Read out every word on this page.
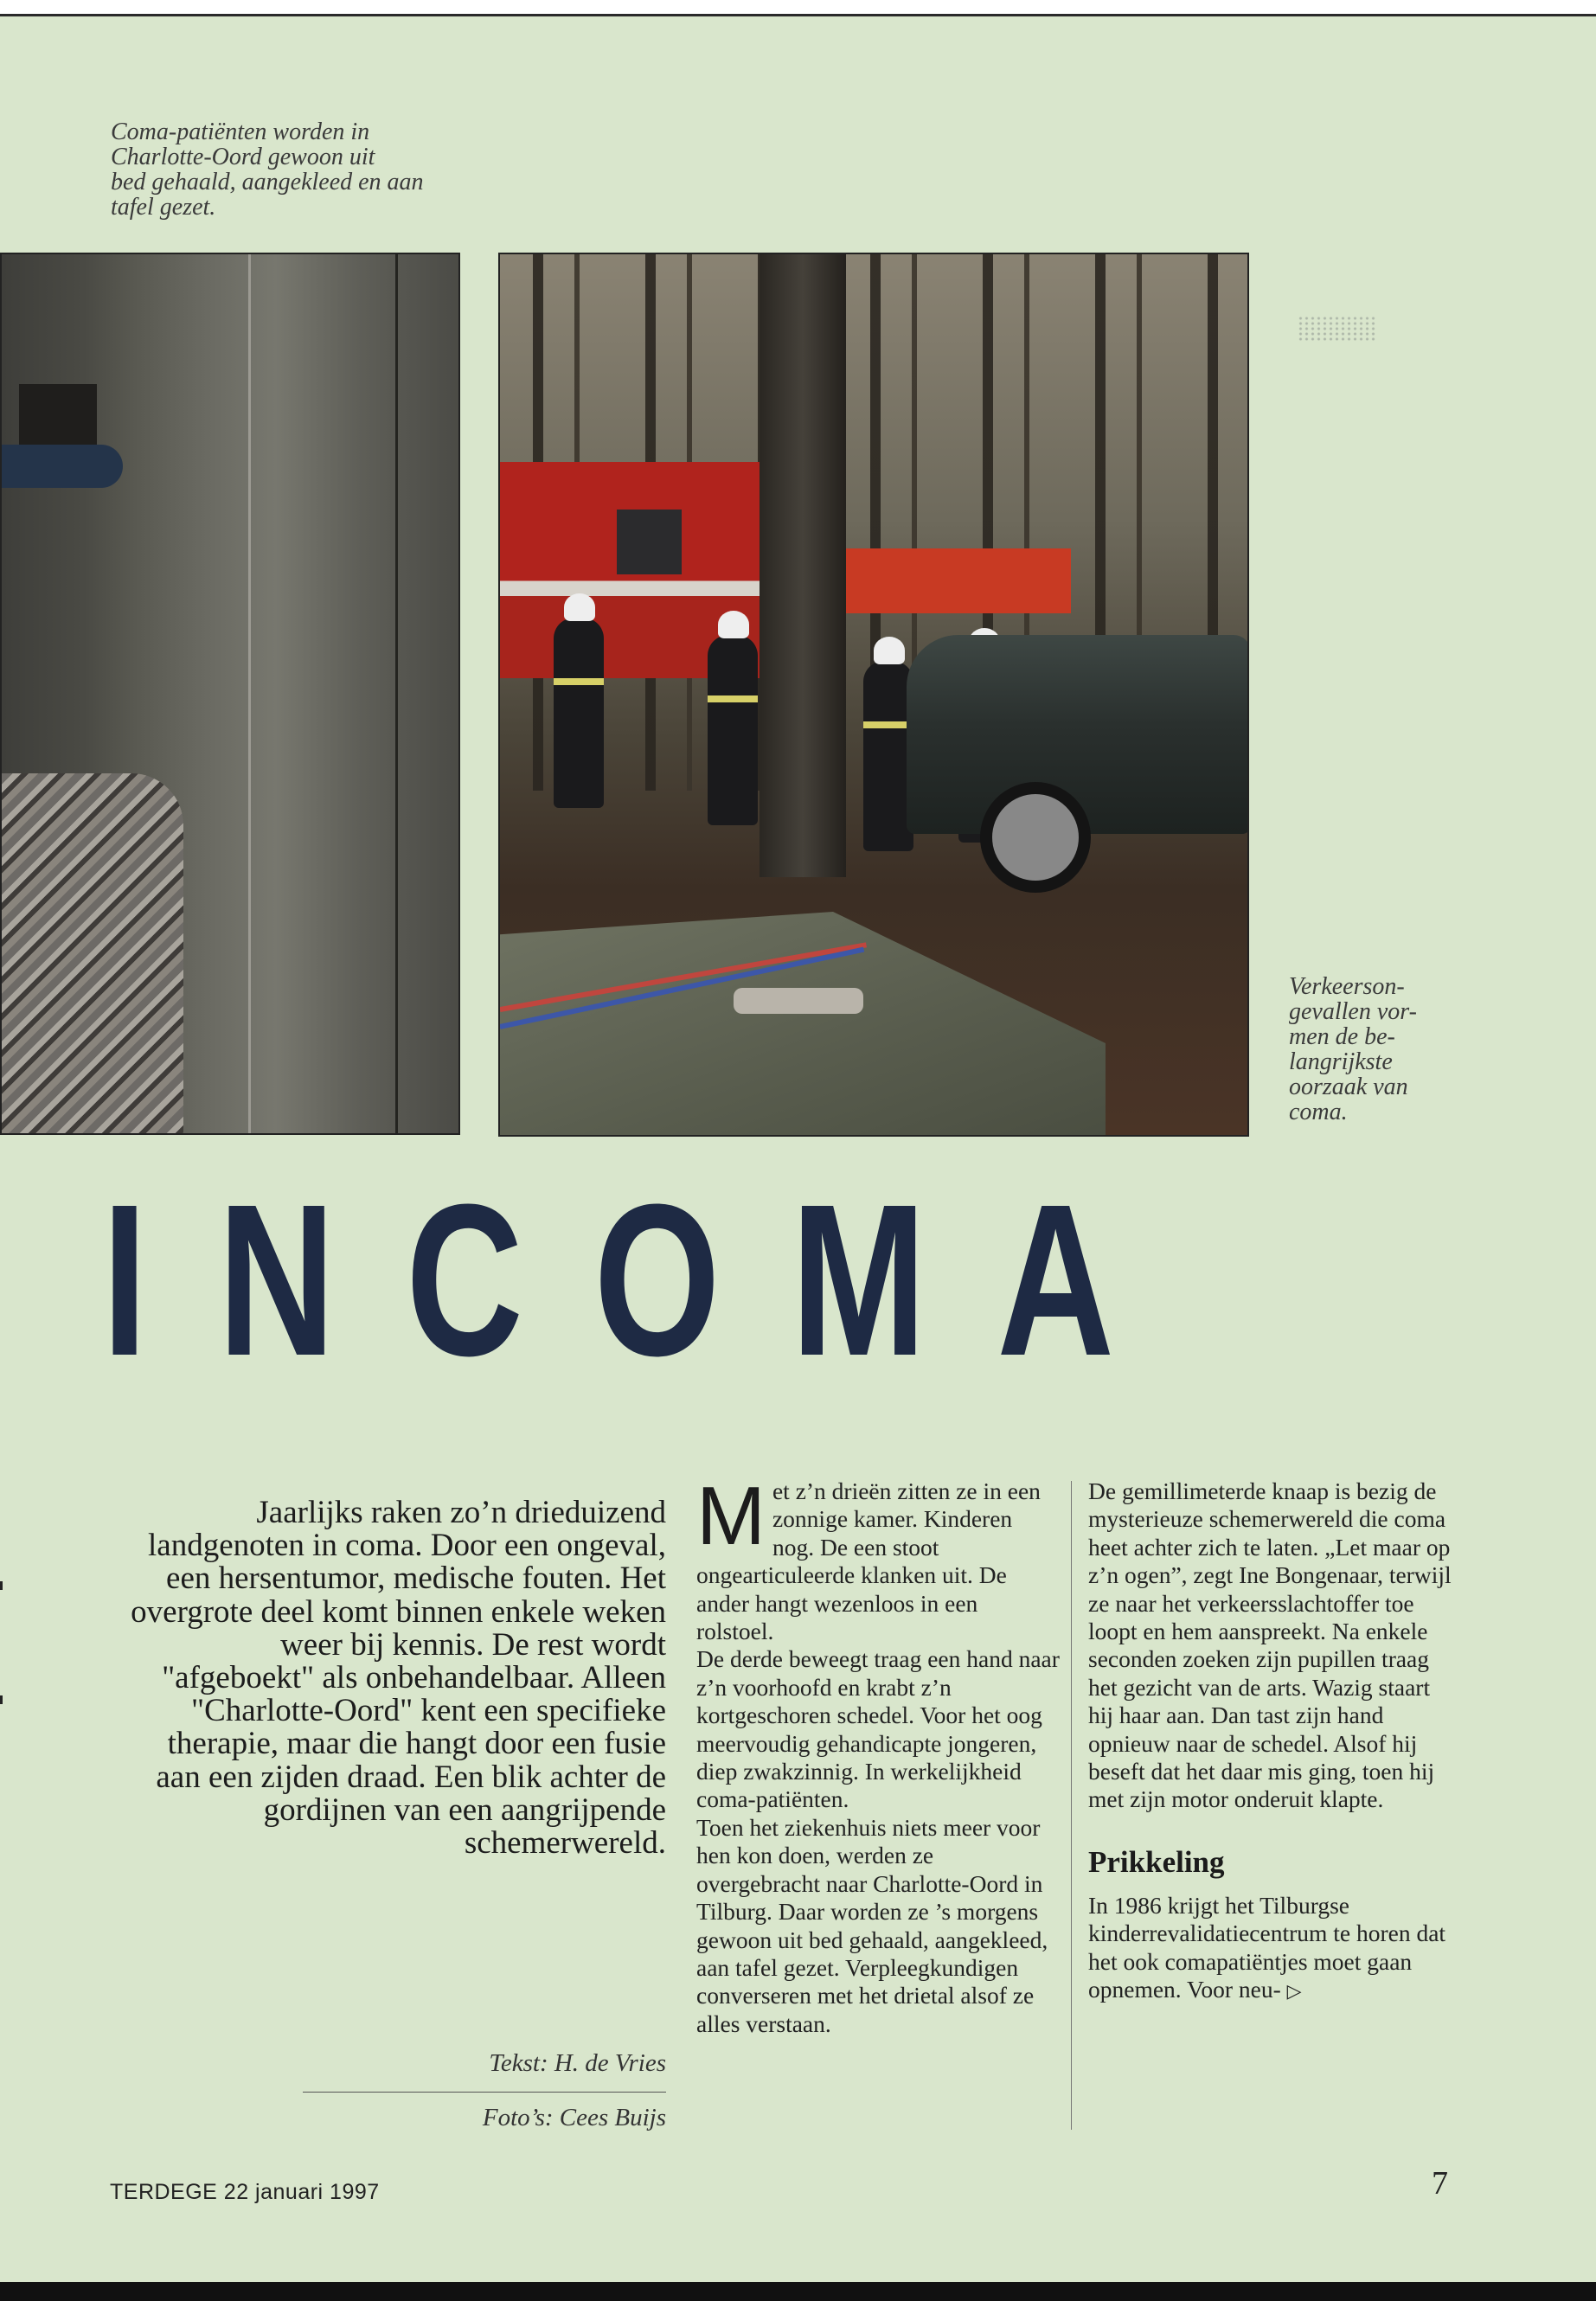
Coma-patiënten worden in
Charlotte-Oord gewoon uit
bed gehaald, aangekleed en aan
tafel gezet.
Verkeerson-
gevallen vor-
men de be-
langrijkste
oorzaak van
coma.
I N C O M A
Jaarlijks raken zo’n drieduizend landgenoten in coma. Door een ongeval, een hersentumor, medische fouten. Het overgrote deel komt binnen enkele weken weer bij kennis. De rest wordt "afgeboekt" als onbehandelbaar. Alleen "Charlotte-Oord" kent een specifieke therapie, maar die hangt door een fusie aan een zijden draad. Een blik achter de gordijnen van een aangrijpende schemerwereld.
Tekst: H. de Vries
Foto’s: Cees Buijs
M et z’n drieën zitten ze in een zonnige kamer. Kinderen nog. De een stoot ongearticuleerde klanken uit. De ander hangt wezenloos in een rolstoel.

De derde beweegt traag een hand naar z’n voorhoofd en krabt z’n kortgeschoren schedel. Voor het oog meervoudig gehandicapte jongeren, diep zwakzinnig. In werkelijkheid coma-patiënten.

Toen het ziekenhuis niets meer voor hen kon doen, werden ze overgebracht naar Charlotte-Oord in Tilburg. Daar worden ze ’s morgens gewoon uit bed gehaald, aangekleed, aan tafel gezet. Verpleegkundigen converseren met het drietal alsof ze alles verstaan.

De gemillimeterde knaap is bezig de mysterieuze schemerwereld die coma heet achter zich te laten. „Let maar op z’n ogen”, zegt Ine Bongenaar, terwijl ze naar het verkeersslachtoffer toe loopt en hem aanspreekt. Na enkele seconden zoeken zijn pupillen traag het gezicht van de arts. Wazig staart hij haar aan. Dan tast zijn hand opnieuw naar de schedel. Alsof hij beseft dat het daar mis ging, toen hij met zijn motor onderuit klapte.

Prikkeling

In 1986 krijgt het Tilburgse kinderrevalidatiecentrum te horen dat het ook comapatiëntjes moet gaan opnemen. Voor neu- ▷

TERDEGE 22 januari 1997	7
